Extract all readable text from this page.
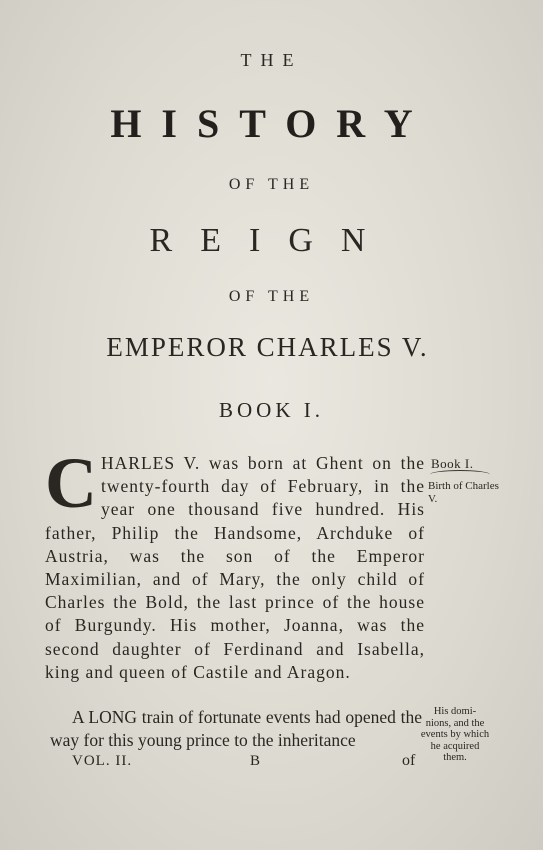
THE
HISTORY
OF THE
REIGN
OF THE
EMPEROR CHARLES V.
BOOK I.
CHARLES V. was born at Ghent on the twenty-fourth day of February, in the year one thousand five hundred. His father, Philip the Handsome, Archduke of Austria, was the son of the Emperor Maximilian, and of Mary, the only child of Charles the Bold, the last prince of the house of Burgundy. His mother, Joanna, was the second daughter of Ferdinand and Isabella, king and queen of Castile and Aragon.
Book I.
Birth of Charles V.
A LONG train of fortunate events had opened the way for this young prince to the inheritance
His domi- nions, and the events by which he acquired them.
VOL. II.	B	of
